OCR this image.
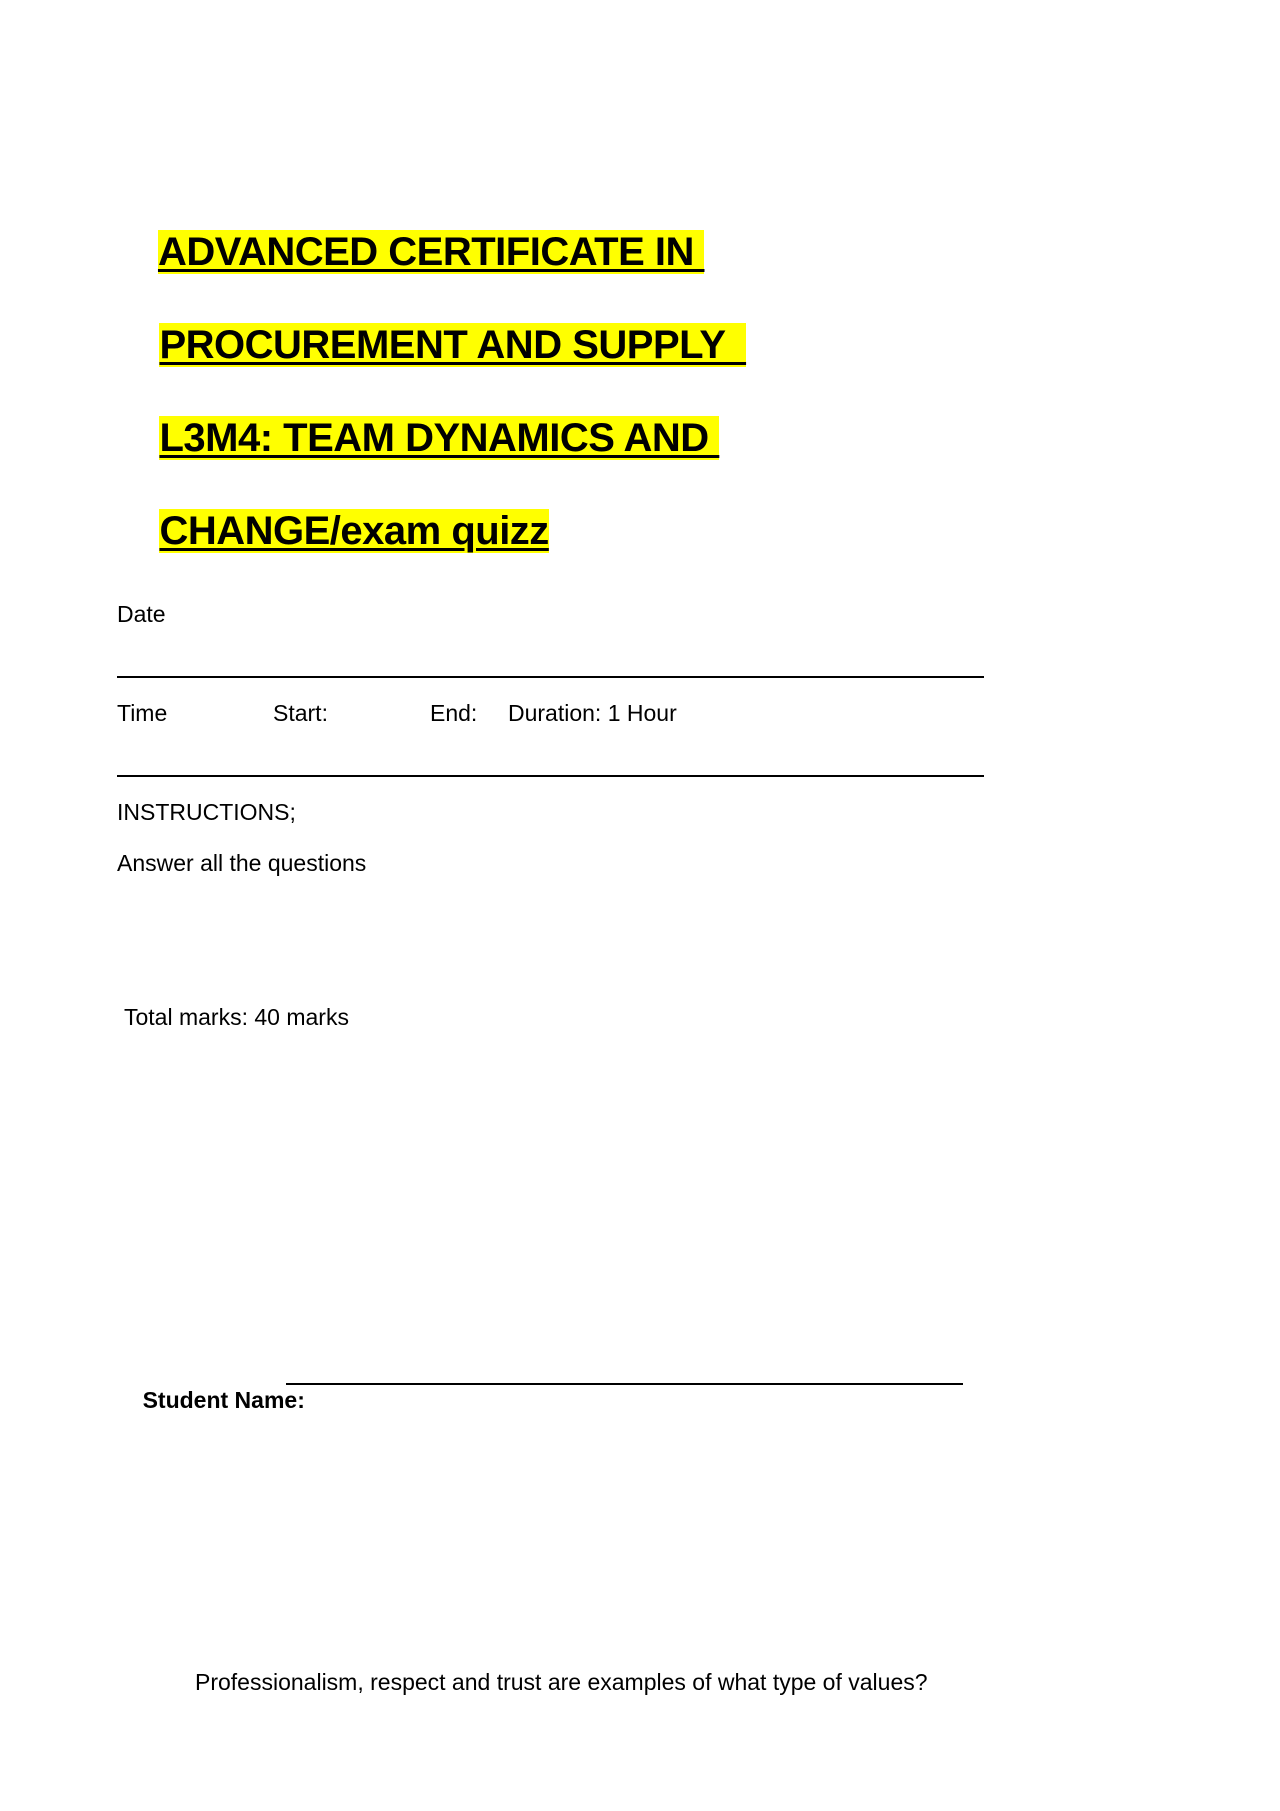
ADVANCED CERTIFICATE IN

PROCUREMENT AND SUPPLY

L3M4: TEAM DYNAMICS AND

CHANGE/exam quizz

Date
Time	Start:	End: Duration: 1 Hour
INSTRUCTIONS;
Answer all the questions
Total marks: 40 marks

Student Name:

Professionalism, respect and trust are examples of what type of values?
